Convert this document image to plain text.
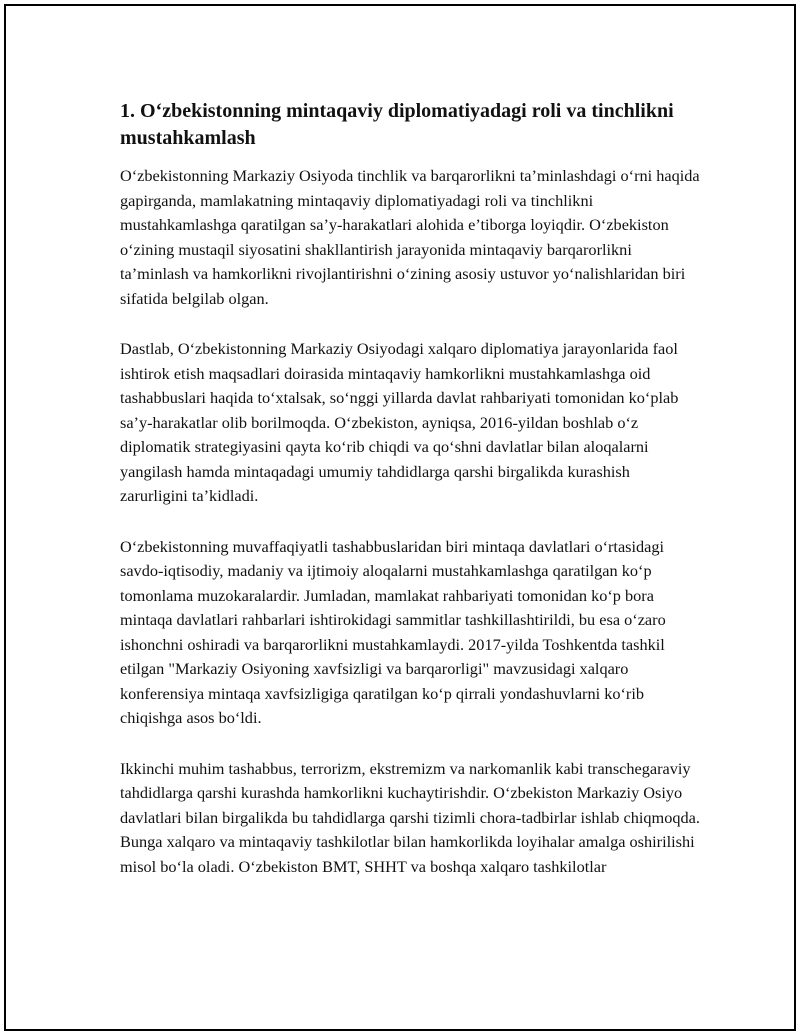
1. O‘zbekistonning mintaqaviy diplomatiyadagi roli va tinchlikni mustahkamlash

O‘zbekistonning Markaziy Osiyoda tinchlik va barqarorlikni ta’minlashdagi o‘rni haqida gapirganda, mamlakatning mintaqaviy diplomatiyadagi roli va tinchlikni mustahkamlashga qaratilgan sa’y-harakatlari alohida e’tiborga loyiqdir. O‘zbekiston o‘zining mustaqil siyosatini shakllantirish jarayonida mintaqaviy barqarorlikni ta’minlash va hamkorlikni rivojlantirishni o‘zining asosiy ustuvor yo‘nalishlaridan biri sifatida belgilab olgan.

Dastlab, O‘zbekistonning Markaziy Osiyodagi xalqaro diplomatiya jarayonlarida faol ishtirok etish maqsadlari doirasida mintaqaviy hamkorlikni mustahkamlashga oid tashabbuslari haqida to‘xtalsak, so‘nggi yillarda davlat rahbariyati tomonidan ko‘plab sa’y-harakatlar olib borilmoqda. O‘zbekiston, ayniqsa, 2016-yildan boshlab o‘z diplomatik strategiyasini qayta ko‘rib chiqdi va qo‘shni davlatlar bilan aloqalarni yangilash hamda mintaqadagi umumiy tahdidlarga qarshi birgalikda kurashish zarurligini ta’kidladi.

O‘zbekistonning muvaffaqiyatli tashabbuslaridan biri mintaqa davlatlari o‘rtasidagi savdo-iqtisodiy, madaniy va ijtimoiy aloqalarni mustahkamlashga qaratilgan ko‘p tomonlama muzokaralardir. Jumladan, mamlakat rahbariyati tomonidan ko‘p bora mintaqa davlatlari rahbarlari ishtirokidagi sammitlar tashkillashtirildi, bu esa o‘zaro ishonchni oshiradi va barqarorlikni mustahkamlaydi. 2017-yilda Toshkentda tashkil etilgan "Markaziy Osiyoning xavfsizligi va barqarorligi" mavzusidagi xalqaro konferensiya mintaqa xavfsizligiga qaratilgan ko‘p qirrali yondashuvlarni ko‘rib chiqishga asos bo‘ldi.

Ikkinchi muhim tashabbus, terrorizm, ekstremizm va narkomanlik kabi transchegaraviy tahdidlarga qarshi kurashda hamkorlikni kuchaytirishdir. O‘zbekiston Markaziy Osiyo davlatlari bilan birgalikda bu tahdidlarga qarshi tizimli chora-tadbirlar ishlab chiqmoqda. Bunga xalqaro va mintaqaviy tashkilotlar bilan hamkorlikda loyihalar amalga oshirilishi misol bo‘la oladi. O‘zbekiston BMT, SHHT va boshqa xalqaro tashkilotlar
